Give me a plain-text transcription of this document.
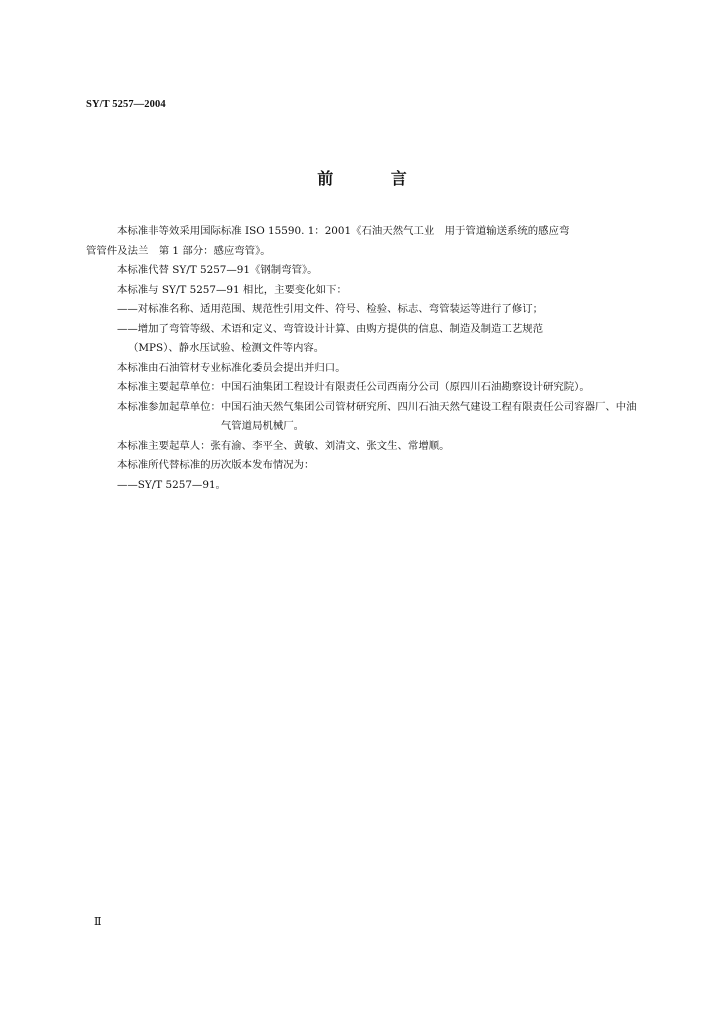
SY/T 5257—2004
前 言
本标准非等效采用国际标准 ISO 15590. 1：2001《石油天然气工业　用于管道输送系统的感应弯
管管件及法兰　第 1 部分：感应弯管》。
本标准代替 SY/T 5257—91《钢制弯管》。
本标准与 SY/T 5257—91 相比，主要变化如下：
——对标准名称、适用范围、规范性引用文件、符号、检验、标志、弯管装运等进行了修订；
——增加了弯管等级、术语和定义、弯管设计计算、由购方提供的信息、制造及制造工艺规范
（MPS）、静水压试验、检测文件等内容。
本标准由石油管材专业标准化委员会提出并归口。
本标准主要起草单位： 中国石油集团工程设计有限责任公司西南分公司（原四川石油勘察设计研究院）。
本标准参加起草单位： 中国石油天然气集团公司管材研究所、四川石油天然气建设工程有限责任公司容器厂、中油气管道局机械厂。
本标准主要起草人：张有渝、李平全、黄敏、刘清文、张文生、常增顺。
本标准所代替标准的历次版本发布情况为：
——SY/T 5257—91。
Ⅱ
